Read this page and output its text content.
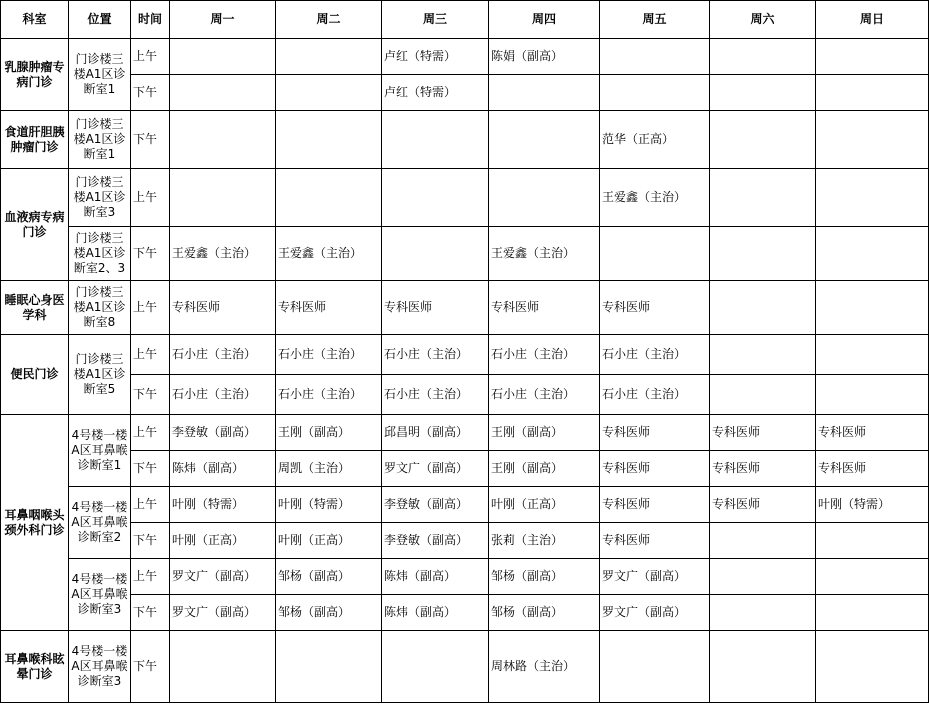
科室	位置	时间	周一	周二	周三	周四	周五	周六	周日
乳腺肿瘤专病门诊	门诊楼三楼A1区诊断室1	上午			卢红（特需）	陈娟（副高）			
		下午			卢红（特需）				
食道肝胆胰肿瘤门诊	门诊楼三楼A1区诊断室1	下午					范华（正高）		
血液病专病门诊	门诊楼三楼A1区诊断室3	上午					王爱鑫（主治）		
	门诊楼三楼A1区诊断室2、3	下午	王爱鑫（主治）	王爱鑫（主治）		王爱鑫（主治）			
睡眠心身医学科	门诊楼三楼A1区诊断室8	上午	专科医师	专科医师	专科医师	专科医师	专科医师		
便民门诊	门诊楼三楼A1区诊断室5	上午	石小庄（主治）	石小庄（主治）	石小庄（主治）	石小庄（主治）	石小庄（主治）		
		下午	石小庄（主治）	石小庄（主治）	石小庄（主治）	石小庄（主治）	石小庄（主治）		
耳鼻咽喉头颈外科门诊	4号楼一楼A区耳鼻喉诊断室1	上午	李登敏（副高）	王刚（副高）	邱昌明（副高）	王刚（副高）	专科医师	专科医师	专科医师
		下午	陈炜（副高）	周凯（主治）	罗文广（副高）	王刚（副高）	专科医师	专科医师	专科医师
	4号楼一楼A区耳鼻喉诊断室2	上午	叶刚（特需）	叶刚（特需）	李登敏（副高）	叶刚（正高）	专科医师	专科医师	叶刚（特需）
		下午	叶刚（正高）	叶刚（正高）	李登敏（副高）	张莉（主治）	专科医师		
	4号楼一楼A区耳鼻喉诊断室3	上午	罗文广（副高）	邹杨（副高）	陈炜（副高）	邹杨（副高）	罗文广（副高）		
		下午	罗文广（副高）	邹杨（副高）	陈炜（副高）	邹杨（副高）	罗文广（副高）		
耳鼻喉科眩晕门诊	4号楼一楼A区耳鼻喉诊断室3	下午				周林路（主治）			
